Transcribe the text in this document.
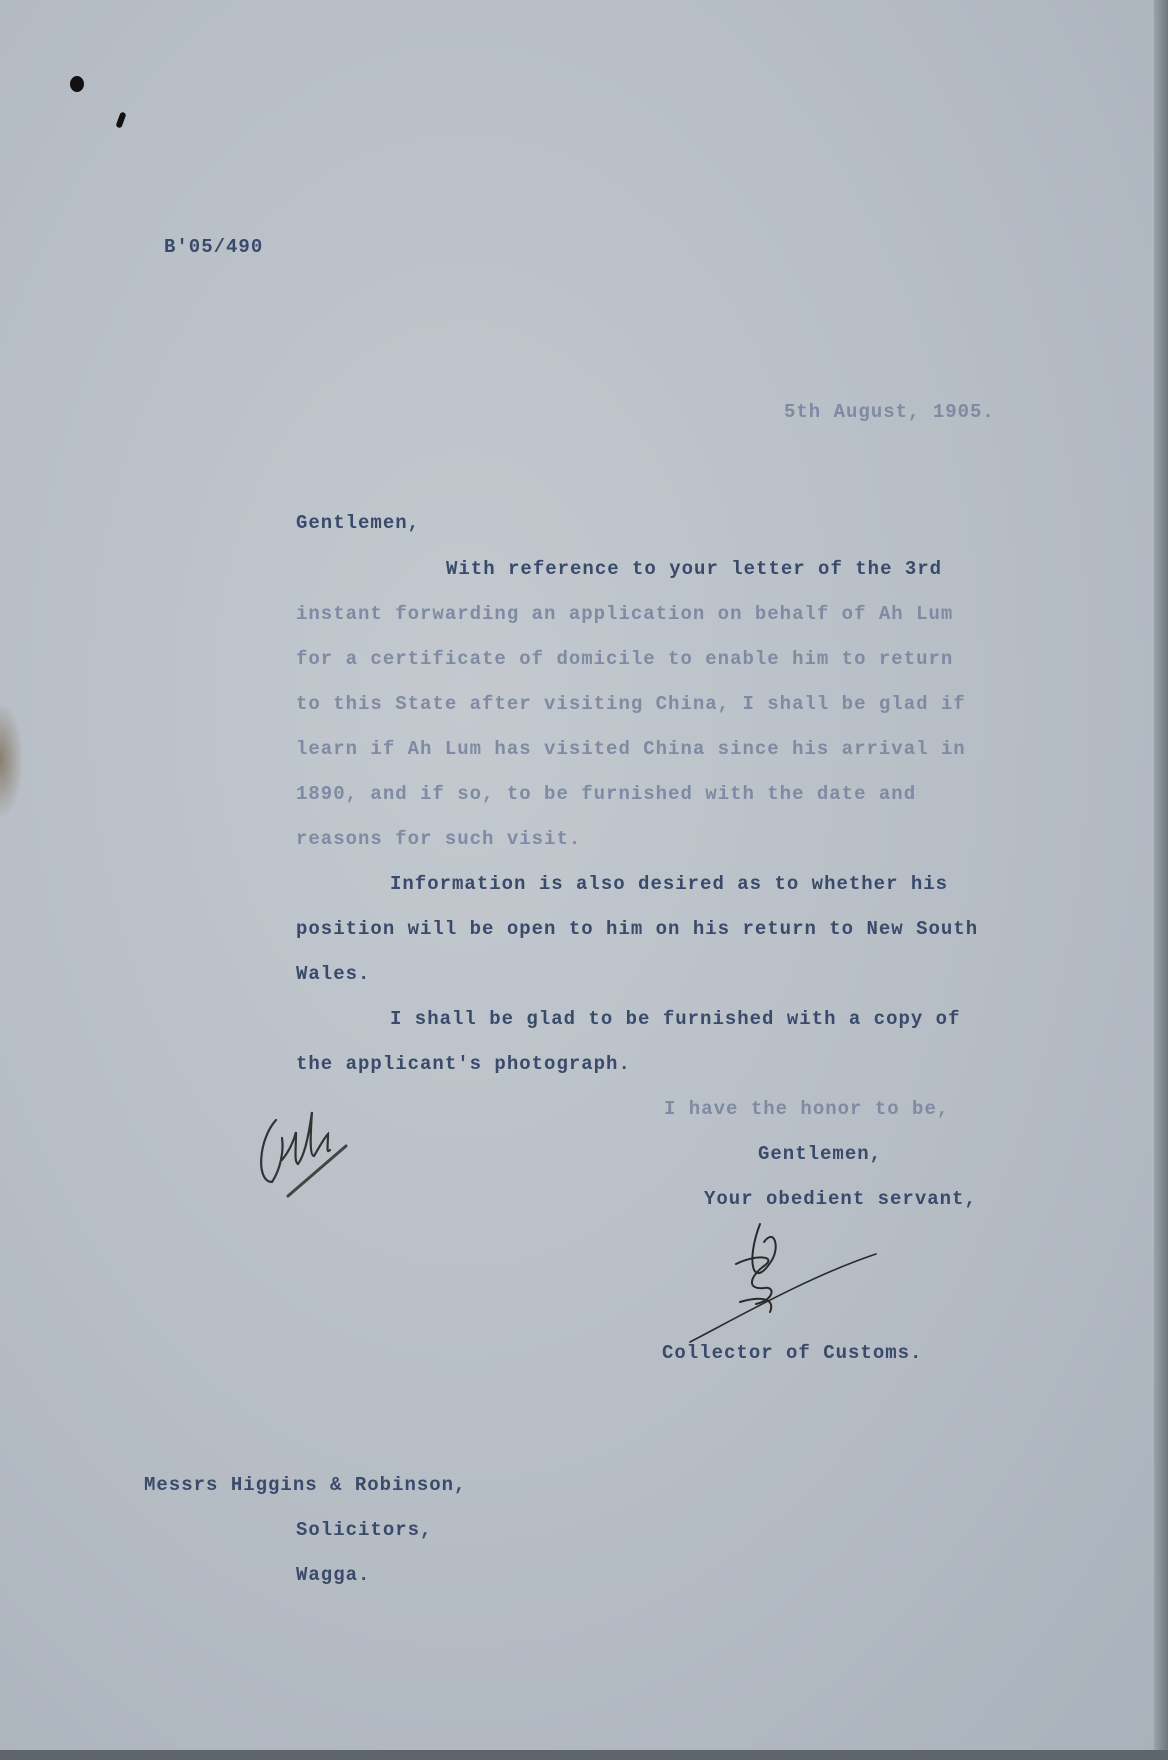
B'05/490
5th August, 1905.
Gentlemen,
With reference to your letter of the 3rd
instant forwarding an application on behalf of Ah Lum
for a certificate of domicile to enable him to return
to this State after visiting China, I shall be glad if
learn if Ah Lum has visited China since his arrival in
1890, and if so, to be furnished with the date and
reasons for such visit.
Information is also desired as to whether his
position will be open to him on his return to New South
Wales.
I shall be glad to be furnished with a copy of
the applicant's photograph.
I have the honor to be,
Gentlemen,
Your obedient servant,
Collector of Customs.
Messrs Higgins & Robinson,
Solicitors,
Wagga.
